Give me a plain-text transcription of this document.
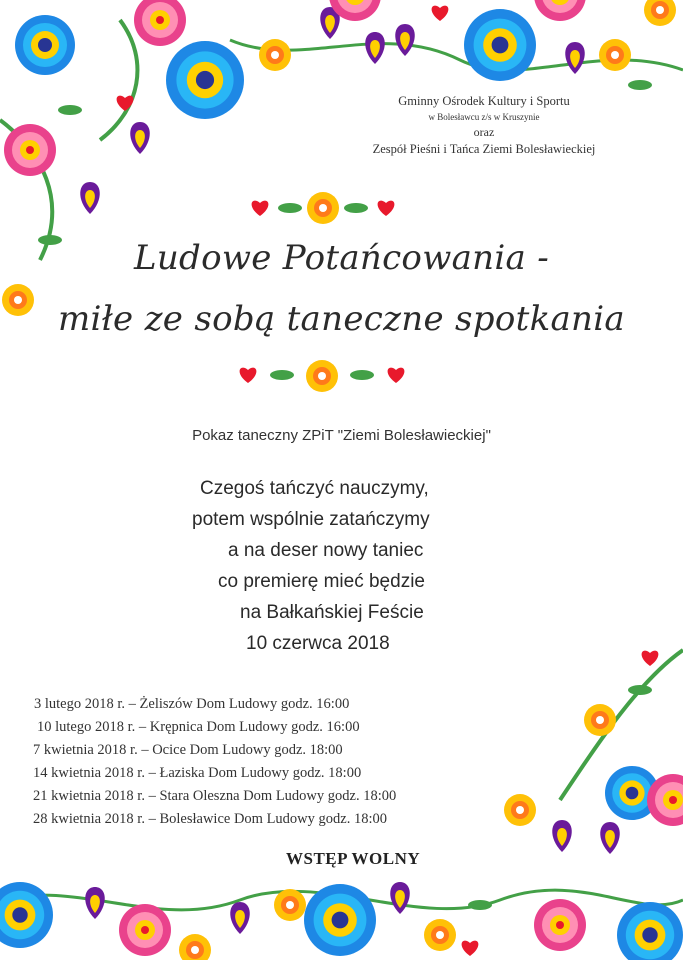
Gminny Ośrodek Kultury i Sportu
w Bolesławcu z/s w Kruszynie
oraz
Zespół Pieśni i Tańca Ziemi Bolesławieckiej
Ludowe Potańcowania -
miłe ze sobą taneczne spotkania
Pokaz taneczny ZPiT "Ziemi Bolesławieckiej"
Czegoś tańczyć nauczymy,
potem wspólnie zatańczymy
a na deser nowy taniec
co premierę mieć będzie
na Bałkańskiej Feście
10 czerwca 2018
3 lutego 2018 r. – Żeliszów Dom Ludowy godz. 16:00
10 lutego 2018 r. – Krępnica Dom Ludowy godz. 16:00
7 kwietnia 2018 r. – Ocice Dom Ludowy godz. 18:00
14 kwietnia 2018 r. – Łaziska Dom Ludowy godz. 18:00
21 kwietnia 2018 r. – Stara Oleszna Dom Ludowy godz. 18:00
28 kwietnia 2018 r. – Bolesławice Dom Ludowy godz. 18:00
WSTĘP WOLNY
